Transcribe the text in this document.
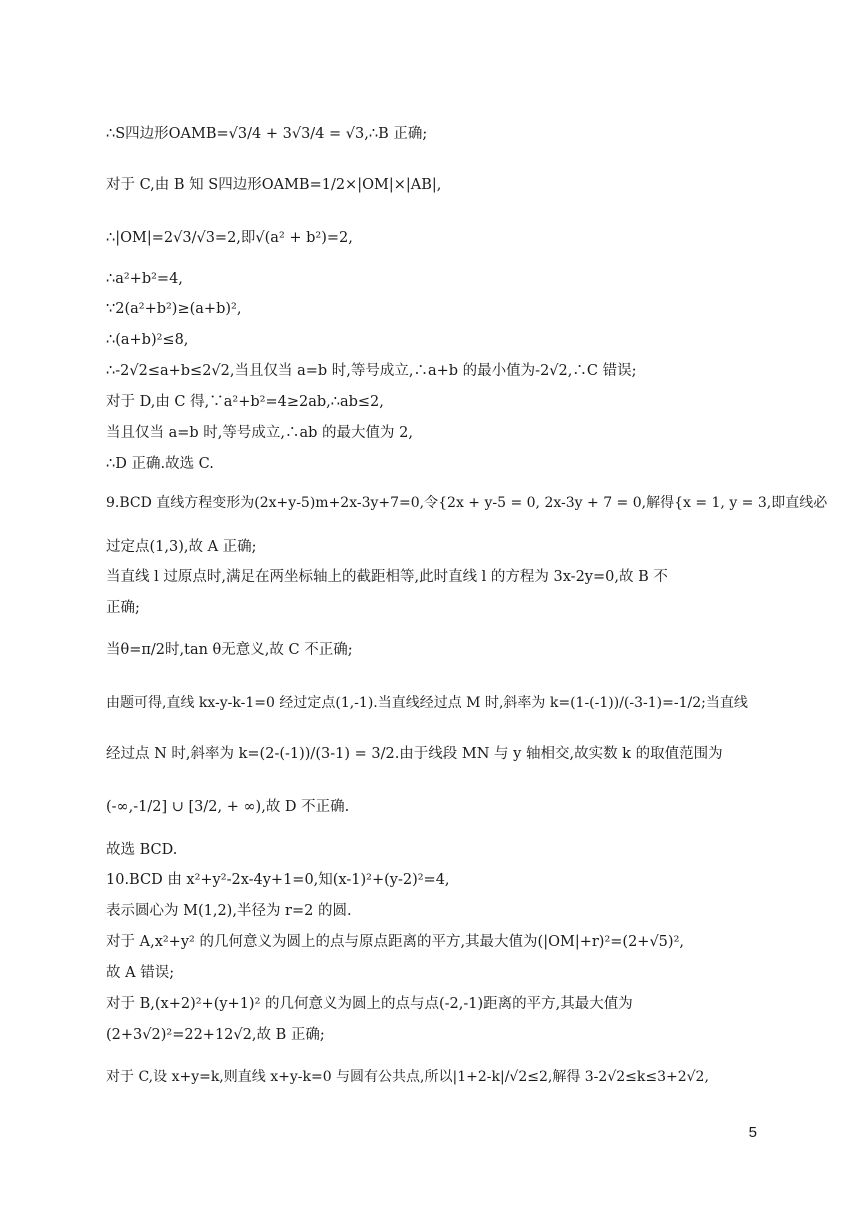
∴S四边形OAMB=√3/4 + 3√3/4 = √3,∴B 正确;
对于 C,由 B 知 S四边形OAMB=1/2×|OM|×|AB|,
∴|OM|=2√3/√3=2,即√(a² + b²)=2,
∴a²+b²=4,
∵2(a²+b²)≥(a+b)²,
∴(a+b)²≤8,
∴-2√2≤a+b≤2√2,当且仅当 a=b 时,等号成立,∴a+b 的最小值为-2√2,∴C 错误;
对于 D,由 C 得,∵a²+b²=4≥2ab,∴ab≤2,
当且仅当 a=b 时,等号成立,∴ab 的最大值为 2,
∴D 正确.故选 C.
9.BCD 直线方程变形为(2x+y-5)m+2x-3y+7=0,令{2x + y-5 = 0, 2x-3y + 7 = 0,解得{x = 1, y = 3,即直线必
过定点(1,3),故 A 正确;
当直线 l 过原点时,满足在两坐标轴上的截距相等,此时直线 l 的方程为 3x-2y=0,故 B 不
正确;
当θ=π/2时,tan θ无意义,故 C 不正确;
由题可得,直线 kx-y-k-1=0 经过定点(1,-1).当直线经过点 M 时,斜率为 k=(1-(-1))/(-3-1)=-1/2;当直线
经过点 N 时,斜率为 k=(2-(-1))/(3-1) = 3/2.由于线段 MN 与 y 轴相交,故实数 k 的取值范围为
(-∞,-1/2] ∪ [3/2, + ∞),故 D 不正确.
故选 BCD.
10.BCD 由 x²+y²-2x-4y+1=0,知(x-1)²+(y-2)²=4,
表示圆心为 M(1,2),半径为 r=2 的圆.
对于 A,x²+y² 的几何意义为圆上的点与原点距离的平方,其最大值为(|OM|+r)²=(2+√5)²,
故 A 错误;
对于 B,(x+2)²+(y+1)² 的几何意义为圆上的点与点(-2,-1)距离的平方,其最大值为
(2+3√2)²=22+12√2,故 B 正确;
对于 C,设 x+y=k,则直线 x+y-k=0 与圆有公共点,所以|1+2-k|/√2≤2,解得 3-2√2≤k≤3+2√2,
5
